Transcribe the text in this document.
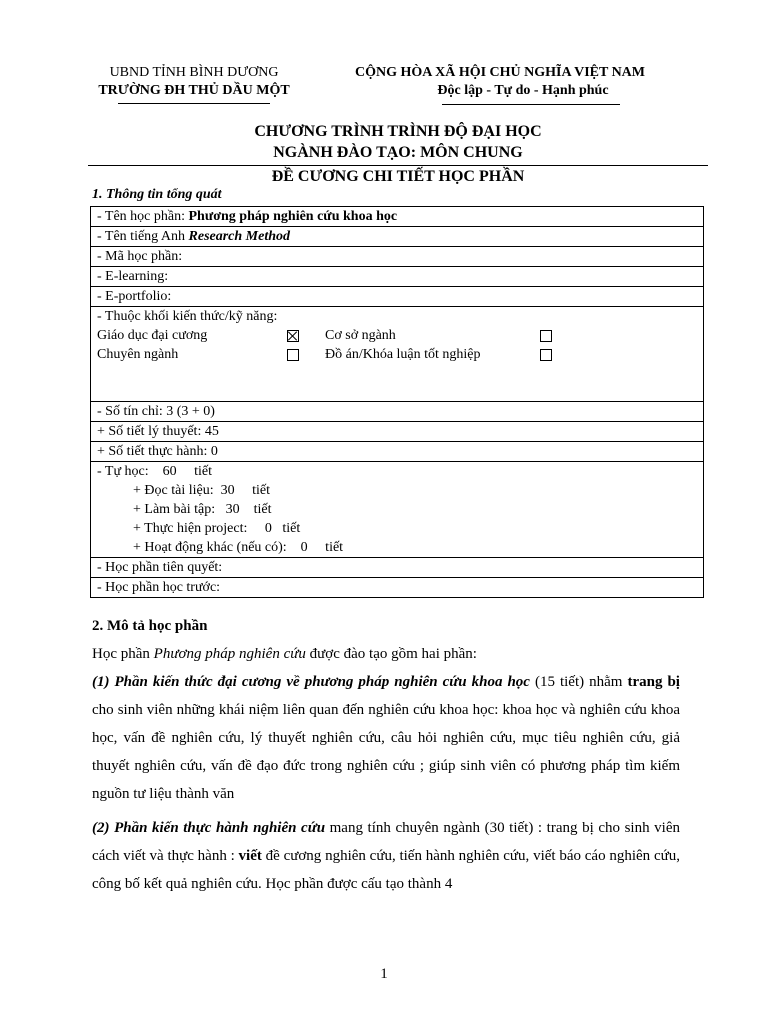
UBND TỈNH BÌNH DƯƠNG
TRƯỜNG ĐH THỦ DẦU MỘT
CỘNG HÒA XÃ HỘI CHỦ NGHĨA VIỆT NAM
Độc lập - Tự do - Hạnh phúc
CHƯƠNG TRÌNH TRÌNH ĐỘ ĐẠI HỌC
NGÀNH ĐÀO TẠO: MÔN CHUNG
ĐỀ CƯƠNG CHI TIẾT HỌC PHẦN
1. Thông tin tổng quát
- Tên học phần: Phương pháp nghiên cứu khoa học
- Tên tiếng Anh Research Method
- Mã học phần:
- E-learning:
- E-portfolio:

- Thuộc khối kiến thức/kỹ năng:
Giáo dục đại cương	Cơ sở ngành
Chuyên ngành	Đồ án/Khóa luận tốt nghiệp

- Số tín chỉ: 3 (3 + 0)
+ Số tiết lý thuyết: 45
+ Số tiết thực hành: 0

- Tự học:    60     tiết
+ Đọc tài liệu:  30     tiết
+ Làm bài tập:   30    tiết
+ Thực hiện project:     0   tiết
+ Hoạt động khác (nếu có):    0     tiết

- Học phần tiên quyết:
- Học phần học trước:
2. Mô tả học phần
Học phần Phương pháp nghiên cứu được đào tạo gồm hai phần:
(1) Phần kiến thức đại cương về phương pháp nghiên cứu khoa học (15 tiết) nhằm trang bị cho sinh viên những khái niệm liên quan đến nghiên cứu khoa học: khoa học và nghiên cứu khoa học, vấn đề nghiên cứu, lý thuyết nghiên cứu, câu hỏi nghiên cứu, mục tiêu nghiên cứu, giả thuyết nghiên cứu, vấn đề đạo đức trong nghiên cứu ; giúp sinh viên có phương pháp tìm kiếm nguồn tư liệu thành văn
(2) Phần kiến thực hành nghiên cứu mang tính chuyên ngành (30 tiết) : trang bị cho sinh viên cách viết và thực hành : viết đề cương nghiên cứu, tiến hành nghiên cứu, viết báo cáo nghiên cứu, công bố kết quả nghiên cứu. Học phần được cấu tạo thành 4
1
